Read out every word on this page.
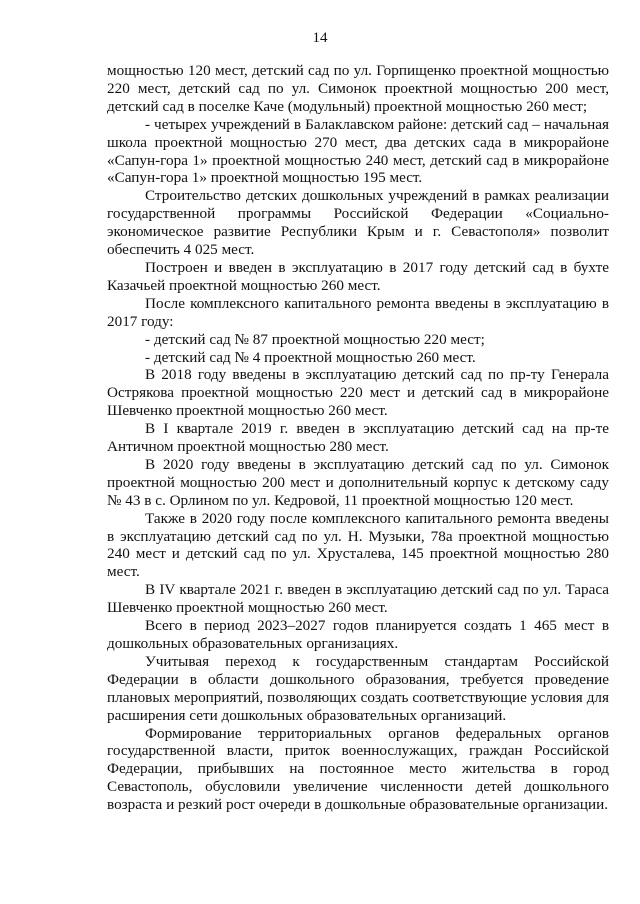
14

мощностью 120 мест, детский сад по ул. Горпищенко проектной мощностью 220 мест, детский сад по ул. Симонок проектной мощностью 200 мест, детский сад в поселке Каче (модульный) проектной мощностью 260 мест;

- четырех учреждений в Балаклавском районе: детский сад – начальная школа проектной мощностью 270 мест, два детских сада в микрорайоне «Сапун-гора 1» проектной мощностью 240 мест, детский сад в микрорайоне «Сапун-гора 1» проектной мощностью 195 мест.

Строительство детских дошкольных учреждений в рамках реализации государственной программы Российской Федерации «Социально-экономическое развитие Республики Крым и г. Севастополя» позволит обеспечить 4 025 мест.

Построен и введен в эксплуатацию в 2017 году детский сад в бухте Казачьей проектной мощностью 260 мест.

После комплексного капитального ремонта введены в эксплуатацию в 2017 году:

- детский сад № 87 проектной мощностью 220 мест;

- детский сад № 4 проектной мощностью 260 мест.

В 2018 году введены в эксплуатацию детский сад по пр-ту Генерала Острякова проектной мощностью 220 мест и детский сад в микрорайоне Шевченко проектной мощностью 260 мест.

В I квартале 2019 г. введен в эксплуатацию детский сад на пр-те Античном проектной мощностью 280 мест.

В 2020 году введены в эксплуатацию детский сад по ул. Симонок проектной мощностью 200 мест и дополнительный корпус к детскому саду № 43 в с. Орлином по ул. Кедровой, 11 проектной мощностью 120 мест.

Также в 2020 году после комплексного капитального ремонта введены в эксплуатацию детский сад по ул. Н. Музыки, 78а проектной мощностью 240 мест и детский сад по ул. Хрусталева, 145 проектной мощностью 280 мест.

В IV квартале 2021 г. введен в эксплуатацию детский сад по ул. Тараса Шевченко проектной мощностью 260 мест.

Всего в период 2023–2027 годов планируется создать 1 465 мест в дошкольных образовательных организациях.

Учитывая переход к государственным стандартам Российской Федерации в области дошкольного образования, требуется проведение плановых мероприятий, позволяющих создать соответствующие условия для расширения сети дошкольных образовательных организаций.

Формирование территориальных органов федеральных органов государственной власти, приток военнослужащих, граждан Российской Федерации, прибывших на постоянное место жительства в город Севастополь, обусловили увеличение численности детей дошкольного возраста и резкий рост очереди в дошкольные образовательные организации.
